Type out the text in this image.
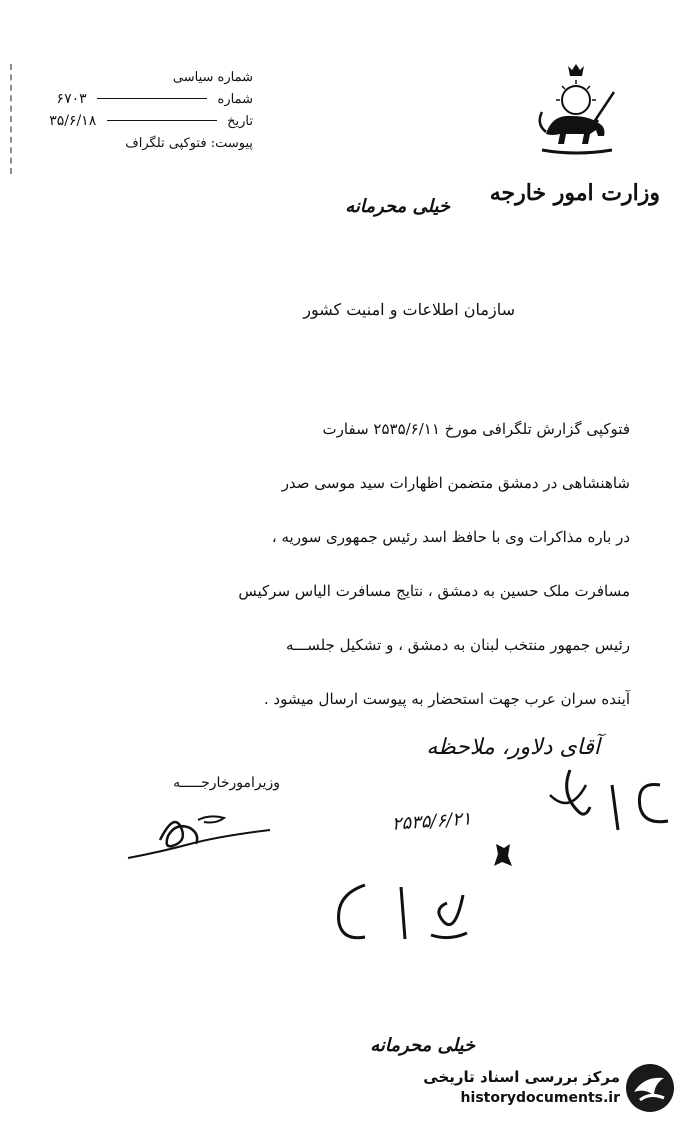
شماره سیاسی
شماره  ۶۷۰۳
تاریخ  ۳۵/۶/۱۸
پیوست: فتوکپی تلگراف
وزارت امور خارجه
خیلی محرمانه
سازمان اطلاعات و امنیت کشور
فتوکپی گزارش تلگرافی مورخ ۲۵۳۵/۶/۱۱ سفارت
شاهنشاهی در دمشق متضمن اظهارات سید موسی صدر
در باره مذاکرات وی با حافظ اسد رئیس جمهوری سوریه ،
مسافرت ملک حسین به دمشق ، نتایج مسافرت الیاس سرکیس
رئیس جمهور منتخب لبنان به دمشق ، و تشکیل جلســـه
آینده سران عرب جهت استحضار به پیوست ارسال میشود .
آقای دلاور، ملاحظه
۲۵۳۵/۶/۲۱
وزیرامورخارجـــــه
خیلی محرمانه
مرکز بررسی اسناد تاریخی
historydocuments.ir
